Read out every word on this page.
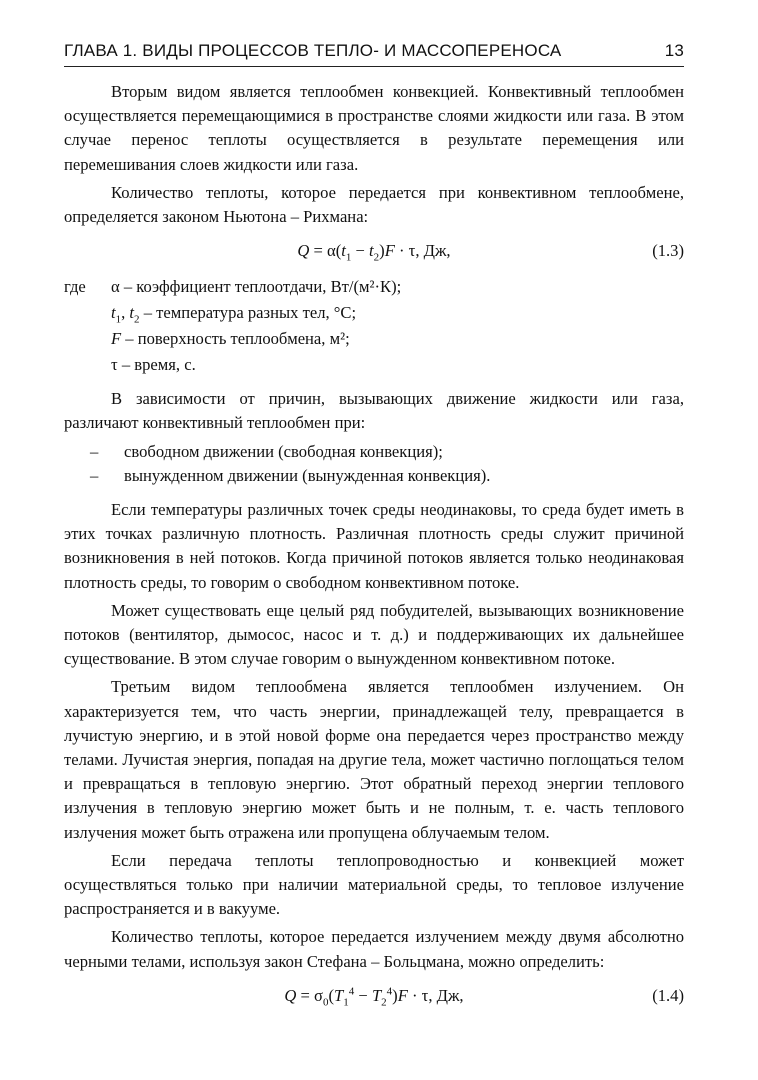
ГЛАВА 1. ВИДЫ ПРОЦЕССОВ ТЕПЛО- И МАССОПЕРЕНОСА	13

Вторым видом является теплообмен конвекцией. Конвективный теплообмен осуществляется перемещающимися в пространстве слоями жидкости или газа. В этом случае перенос теплоты осуществляется в результате перемещения или перемешивания слоев жидкости или газа.

Количество теплоты, которое передается при конвективном теплообмене, определяется законом Ньютона – Рихмана:

$Q = \alpha(t_1 - t_2)F \cdot \tau$, Дж,	(1.3)
где α – коэффициент теплоотдачи, Вт/(м²·К);
$t_1$, $t_2$ – температура разных тел, °С;
F – поверхность теплообмена, м²;
τ – время, с.

В зависимости от причин, вызывающих движение жидкости или газа, различают конвективный теплообмен при:

– свободном движении (свободная конвекция);
– вынужденном движении (вынужденная конвекция).

Если температуры различных точек среды неодинаковы, то среда будет иметь в этих точках различную плотность. Различная плотность среды служит причиной возникновения в ней потоков. Когда причиной потоков является только неодинаковая плотность среды, то говорим о свободном конвективном потоке.

Может существовать еще целый ряд побудителей, вызывающих возникновение потоков (вентилятор, дымосос, насос и т. д.) и поддерживающих их дальнейшее существование. В этом случае говорим о вынужденном конвективном потоке.

Третьим видом теплообмена является теплообмен излучением. Он характеризуется тем, что часть энергии, принадлежащей телу, превращается в лучистую энергию, и в этой новой форме она передается через пространство между телами. Лучистая энергия, попадая на другие тела, может частично поглощаться телом и превращаться в тепловую энергию. Этот обратный переход энергии теплового излучения в тепловую энергию может быть и не полным, т. е. часть теплового излучения может быть отражена или пропущена облучаемым телом.

Если передача теплоты теплопроводностью и конвекцией может осуществляться только при наличии материальной среды, то тепловое излучение распространяется и в вакууме.

Количество теплоты, которое передается излучением между двумя абсолютно черными телами, используя закон Стефана – Больцмана, можно определить:

$Q = \sigma_0(T_1^4 - T_2^4)F \cdot \tau$, Дж,	(1.4)
